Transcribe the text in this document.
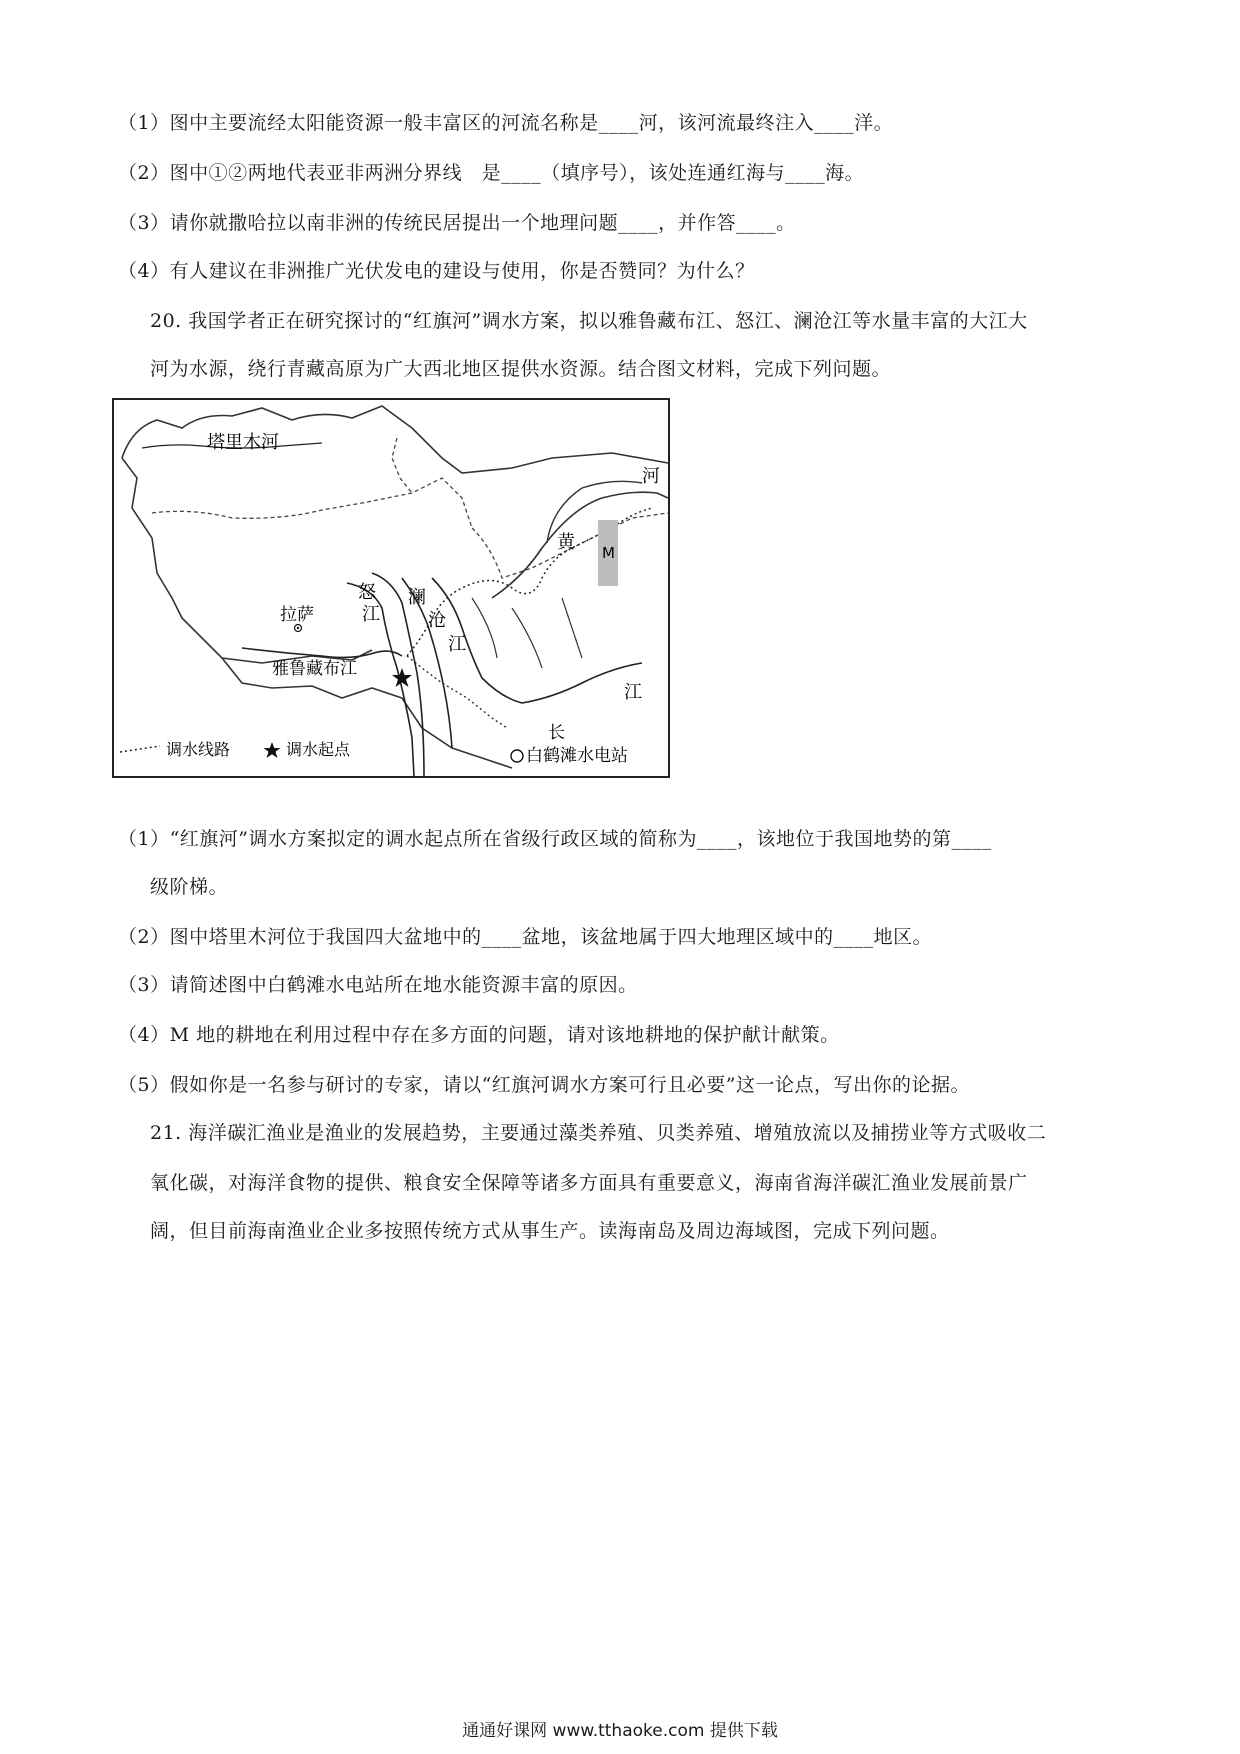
（1）图中主要流经太阳能资源一般丰富区的河流名称是____河，该河流最终注入____洋。
（2）图中①②两地代表亚非两洲分界线　是____（填序号），该处连通红海与____海。
（3）请你就撒哈拉以南非洲的传统民居提出一个地理问题____，并作答____。
（4）有人建议在非洲推广光伏发电的建设与使用，你是否赞同？为什么？
20. 我国学者正在研究探讨的“红旗河”调水方案，拟以雅鲁藏布江、怒江、澜沧江等水量丰富的大江大
河为水源，绕行青藏高原为广大西北地区提供水资源。结合图文材料，完成下列问题。
塔里木河
河
黄 M
怒
江
澜
沧
江
拉萨
雅鲁藏布江
江
长
白鹤滩水电站
调水线路	调水起点
（1）“红旗河”调水方案拟定的调水起点所在省级行政区域的简称为____，该地位于我国地势的第____
级阶梯。
（2）图中塔里木河位于我国四大盆地中的____盆地，该盆地属于四大地理区域中的____地区。
（3）请简述图中白鹤滩水电站所在地水能资源丰富的原因。
（4）M 地的耕地在利用过程中存在多方面的问题，请对该地耕地的保护献计献策。
（5）假如你是一名参与研讨的专家，请以“红旗河调水方案可行且必要”这一论点，写出你的论据。
21. 海洋碳汇渔业是渔业的发展趋势，主要通过藻类养殖、贝类养殖、增殖放流以及捕捞业等方式吸收二
氧化碳，对海洋食物的提供、粮食安全保障等诸多方面具有重要意义，海南省海洋碳汇渔业发展前景广
阔，但目前海南渔业企业多按照传统方式从事生产。读海南岛及周边海域图，完成下列问题。
通通好课网 www.tthaoke.com 提供下载
